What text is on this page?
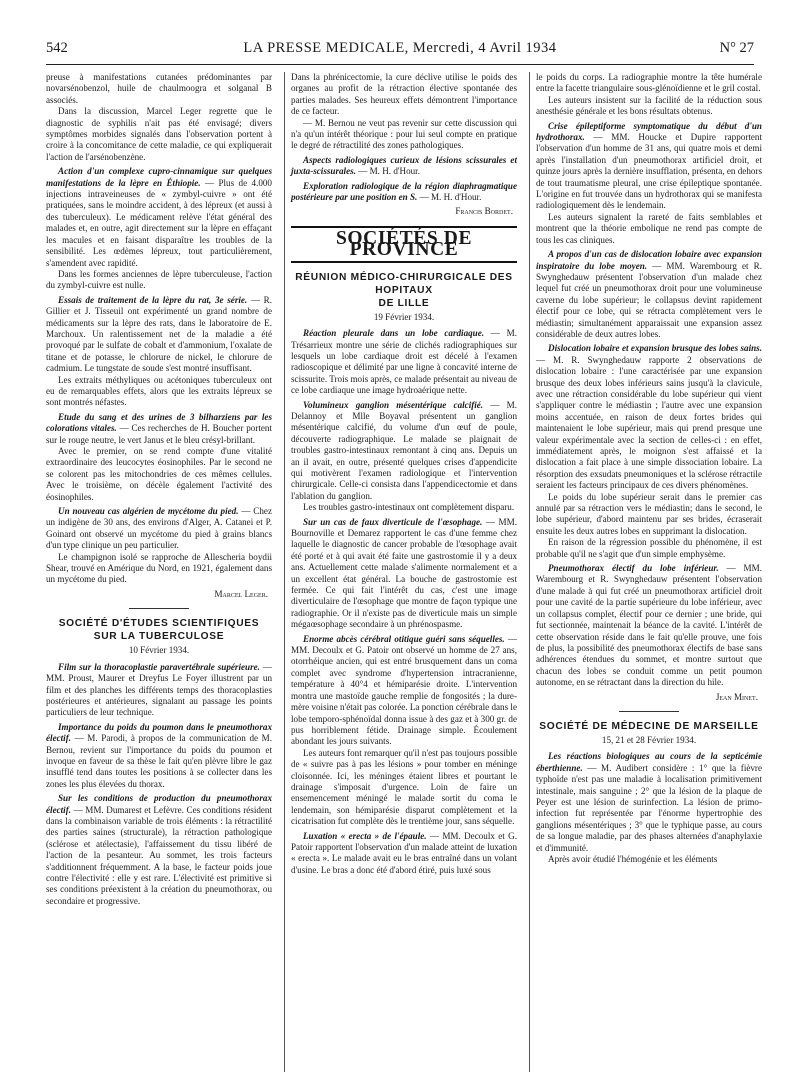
542	LA PRESSE MEDICALE, Mercredi, 4 Avril 1934	N° 27

preuse à manifestations cutanées prédominantes par novarsénobenzol, huile de chaulmoogra et solganal B associés.

Dans la discussion, Marcel Leger regrette que le diagnostic de syphilis n'ait pas été envisagé; divers symptômes morbides signalés dans l'observation portent à croire à la concomitance de cette maladie, ce qui expliquerait l'action de l'arsénobenzène.

Action d'un complexe cupro-cinnamique sur quelques manifestations de la lèpre en Éthiopie. — Plus de 4.000 injections intraveineuses de « zymbyl-cuivre » ont été pratiquées, sans le moindre accident, à des lépreux (et aussi à des tuberculeux). Le médicament relève l'état général des malades et, en outre, agit directement sur la lèpre en effaçant les macules et en faisant disparaître les troubles de la sensibilité. Les œdèmes lépreux, tout particulièrement, s'amendent avec rapidité.

Dans les formes anciennes de lèpre tuberculeuse, l'action du zymbyl-cuivre est nulle.

Essais de traitement de la lèpre du rat, 3e série. — R. Gillier et J. Tisseuil ont expérimenté un grand nombre de médicaments sur la lèpre des rats, dans le laboratoire de E. Marchoux. Un ralentissement net de la maladie a été provoqué par le sulfate de cobalt et d'ammonium, l'oxalate de titane et de potasse, le chlorure de nickel, le chlorure de cadmium. Le tungstate de soude s'est montré insuffisant.

Les extraits méthyliques ou acétoniques tuberculeux ont eu de remarquables effets, alors que les extraits lépreux se sont montrés néfastes.

Etude du sang et des urines de 3 bilharziens par les colorations vitales. — Ces recherches de H. Boucher portent sur le rouge neutre, le vert Janus et le bleu crésyl-brillant.

Avec le premier, on se rend compte d'une vitalité extraordinaire des leucocytes éosinophiles. Par le second ne se colorent pas les mitochondries de ces mêmes cellules. Avec le troisième, on décèle également l'activité des éosinophiles.

Un nouveau cas algérien de mycétome du pied. — Chez un indigène de 30 ans, des environs d'Alger, A. Catanei et P. Goinard ont observé un mycétome du pied à grains blancs d'un type clinique un peu particulier.

Le champignon isolé se rapproche de Allescheria boydii Shear, trouvé en Amérique du Nord, en 1921, également dans un mycétome du pied.

Marcel Leger.

SOCIÉTÉ D'ÉTUDES SCIENTIFIQUES
SUR LA TUBERCULOSE

10 Février 1934.

Film sur la thoracoplastie paravertébrale supérieure. — MM. Proust, Maurer et Dreyfus Le Foyer illustrent par un film et des planches les différents temps des thoracoplasties postérieures et antérieures, signalant au passage les points particuliers de leur technique.

Importance du poids du poumon dans le pneumothorax électif. — M. Parodi, à propos de la communication de M. Bernou, revient sur l'importance du poids du poumon et invoque en faveur de sa thèse le fait qu'en plèvre libre le gaz insufflé tend dans toutes les positions à se collecter dans les zones les plus élevées du thorax.

Sur les conditions de production du pneumothorax électif. — MM. Dumarest et Lefèvre. Ces conditions résident dans la combinaison variable de trois éléments : la rétractilité des parties saines (structurale), la rétraction pathologique (sclérose et atélectasie), l'affaissement du tissu libéré de l'action de la pesanteur. Au sommet, les trois facteurs s'additionnent fréquemment. A la base, le facteur poids joue contre l'électivité : elle y est rare. L'électivité est primitive si ses conditions préexistent à la création du pneumothorax, ou secondaire et progressive.

Dans la phrénicectomie, la cure déclive utilise le poids des organes au profit de la rétraction élective spontanée des parties malades. Ses heureux effets démontrent l'importance de ce facteur.

— M. Bernou ne veut pas revenir sur cette discussion qui n'a qu'un intérêt théorique : pour lui seul compte en pratique le degré de rétractilité des zones pathologiques.

Aspects radiologiques curieux de lésions scissurales et juxta-scissurales. — M. H. d'Hour.

Exploration radiologique de la région diaphragmatique postérieure par une position en S. — M. H. d'Hour.

Francis Bordet.

SOCIÉTÉS DE PROVINCE
RÉUNION MÉDICO-CHIRURGICALE DES HOPITAUX
DE LILLE

19 Février 1934.

Réaction pleurale dans un lobe cardiaque. — M. Trésarrieux montre une série de clichés radiographiques sur lesquels un lobe cardiaque droit est décelé à l'examen radioscopique et délimité par une ligne à concavité interne de scissurite. Trois mois après, ce malade présentait au niveau de ce lobe cardiaque une image hydroaérique nette.

Volumineux ganglion mésentérique calcifié. — M. Delannoy et Mlle Boyaval présentent un ganglion mésentérique calcifié, du volume d'un œuf de poule, découverte radiographique. Le malade se plaignait de troubles gastro-intestinaux remontant à cinq ans. Depuis un an il avait, en outre, présenté quelques crises d'appendicite qui motivèrent l'examen radiologique et l'intervention chirurgicale. Celle-ci consista dans l'appendicectomie et dans l'ablation du ganglion.

Les troubles gastro-intestinaux ont complètement disparu.

Sur un cas de faux diverticule de l'œsophage. — MM. Bournoville et Demarez rapportent le cas d'une femme chez laquelle le diagnostic de cancer probable de l'œsophage avait été porté et à qui avait été faite une gastrostomie il y a deux ans. Actuellement cette malade s'alimente normalement et a un excellent état général. La bouche de gastrostomie est fermée. Ce qui fait l'intérêt du cas, c'est une image diverticulaire de l'œsophage que montre de façon typique une radiographie. Or il n'existe pas de diverticule mais un simple mégaœsophage secondaire à un phrénospasme.

Enorme abcès cérébral otitique guéri sans séquelles. — MM. Decoulx et G. Patoir ont observé un homme de 27 ans, otorrhéique ancien, qui est entré brusquement dans un coma complet avec syndrome d'hypertension intracranienne, température à 40°4 et hémiparésie droite. L'intervention montra une mastoïde gauche remplie de fongosités ; la dure-mère voisine n'était pas colorée. La ponction cérébrale dans le lobe temporo-sphénoïdal donna issue à des gaz et à 300 gr. de pus horriblement fétide. Drainage simple. Écoulement abondant les jours suivants.

Les auteurs font remarquer qu'il n'est pas toujours possible de « suivre pas à pas les lésions » pour tomber en méninge cloisonnée. Ici, les méninges étaient libres et pourtant le drainage s'imposait d'urgence. Loin de faire un ensemencement méningé le malade sortit du coma le lendemain, son hémiparésie disparut complètement et la cicatrisation fut complète dès le trentième jour, sans séquelle.

Luxation « erecta » de l'épaule. — MM. Decoulx et G. Patoir rapportent l'observation d'un malade atteint de luxation « erecta ». Le malade avait eu le bras entraîné dans un volant d'usine. Le bras a donc été d'abord étiré, puis luxé sous

le poids du corps. La radiographie montre la tête humérale entre la facette triangulaire sous-glénoïdienne et le gril costal.

Les auteurs insistent sur la facilité de la réduction sous anesthésie générale et les bons résultats obtenus.

Crise épileptiforme symptomatique du début d'un hydrothorax. — MM. Houcke et Dupire rapportent l'observation d'un homme de 31 ans, qui quatre mois et demi après l'installation d'un pneumothorax artificiel droit, et quinze jours après la dernière insufflation, présenta, en dehors de tout traumatisme pleural, une crise épileptique spontanée. L'origine en fut trouvée dans un hydrothorax qui se manifesta radiologiquement dès le lendemain.

Les auteurs signalent la rareté de faits semblables et montrent que la théorie embolique ne rend pas compte de tous les cas cliniques.

A propos d'un cas de dislocation lobaire avec expansion inspiratoire du lobe moyen. — MM. Warembourg et R. Swynghedauw présentent l'observation d'un malade chez lequel fut créé un pneumothorax droit pour une volumineuse caverne du lobe supérieur; le collapsus devint rapidement électif pour ce lobe, qui se rétracta complètement vers le médiastin; simultanément apparaissait une expansion assez considérable de deux autres lobes.

Dislocation lobaire et expansion brusque des lobes sains. — M. R. Swynghedauw rapporte 2 observations de dislocation lobaire : l'une caractérisée par une expansion brusque des deux lobes inférieurs sains jusqu'à la clavicule, avec une rétraction considérable du lobe supérieur qui vient s'appliquer contre le médiastin ; l'autre avec une expansion moins accentuée, en raison de deux fortes brides qui maintenaient le lobe supérieur, mais qui prend presque une valeur expérimentale avec la section de celles-ci : en effet, immédiatement après, le moignon s'est affaissé et la dislocation a fait place à une simple dissociation lobaire. La résorption des exsudats pneumoniques et la sclérose rétractile seraient les facteurs principaux de ces divers phénomènes.

Le poids du lobe supérieur serait dans le premier cas annulé par sa rétraction vers le médiastin; dans le second, le lobe supérieur, d'abord maintenu par ses brides, écraserait ensuite les deux autres lobes en supprimant la dislocation.

En raison de la régression possible du phénomène, il est probable qu'il ne s'agit que d'un simple emphysème.

Pneumothorax électif du lobe inférieur. — MM. Warembourg et R. Swynghedauw présentent l'observation d'une malade à qui fut créé un pneumothorax artificiel droit pour une cavité de la partie supérieure du lobe inférieur, avec un collapsus complet, électif pour ce dernier ; une bride, qui fut sectionnée, maintenait la béance de la cavité. L'intérêt de cette observation réside dans le fait qu'elle prouve, une fois de plus, la possibilité des pneumothorax électifs de base sans adhérences étendues du sommet, et montre surtout que chacun des lobes se conduit comme un petit poumon autonome, en se rétractant dans la direction du hile.

Jean Minet.

SOCIÉTÉ DE MÉDECINE DE MARSEILLE

15, 21 et 28 Février 1934.

Les réactions biologiques au cours de la septicémie éberthienne. — M. Audibert considère : 1° que la fièvre typhoïde n'est pas une maladie à localisation primitivement intestinale, mais sanguine ; 2° que la lésion de la plaque de Peyer est une lésion de surinfection. La lésion de primo-infection fut représentée par l'énorme hypertrophie des ganglions mésentériques ; 3° que le typhique passe, au cours de sa longue maladie, par des phases alternées d'anaphylaxie et d'immunité.

Après avoir étudié l'hémogénie et les éléments
